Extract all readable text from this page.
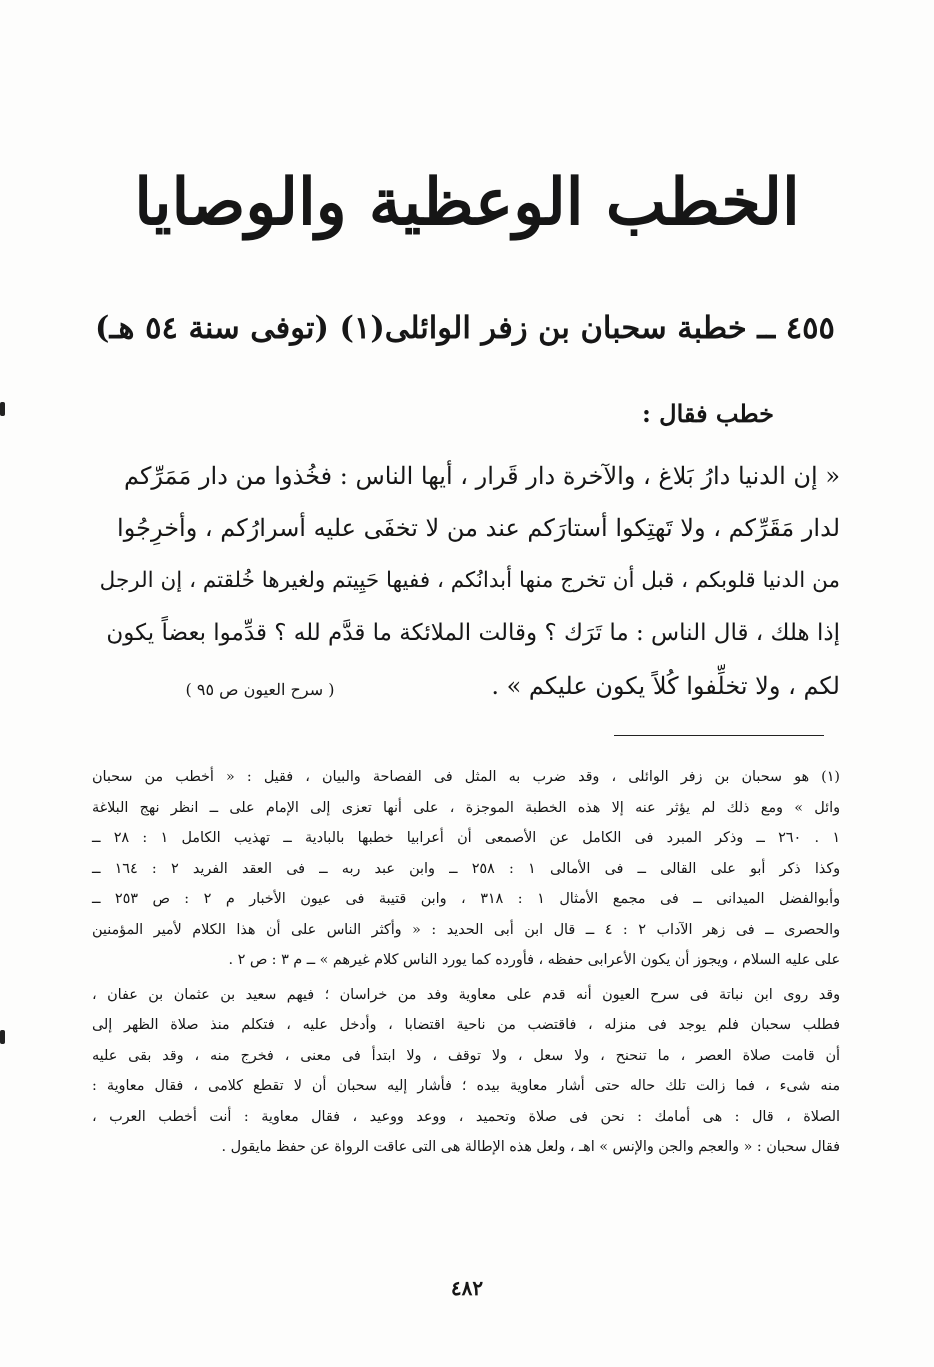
الخطب الوعظية والوصايا
٤٥٥ ــ خطبة سحبان بن زفر الوائلى(١) (توفى سنة ٥٤ هـ)
خطب فقال :
« إن الدنيا دارُ بَلاغ ، والآخرة دار قَرار ، أيها الناس : فخُذوا من دار مَمَرِّكم
لدار مَقَرِّكم ، ولا تَهتِكوا أستارَكم عند من لا تخفَى عليه أسرارُكم ، وأخرِجُوا
من الدنيا قلوبكم ، قبل أن تخرج منها أبدانُكم ، ففيها حَيِيتم ولغيرها خُلقتم ، إن الرجل
إذا هلك ، قال الناس : ما تَرَك ؟ وقالت الملائكة ما قدَّم لله ؟ قدِّموا بعضاً يكون
لكم ، ولا تخلِّفوا كُلاً يكون عليكم » .
( سرح العيون ص ٩٥ )
(١) هو سحبان بن زفر الوائلى ، وقد ضرب به المثل فى الفصاحة والبيان ، فقيل : « أخطب من سحبان
وائل » ومع ذلك لم يؤثر عنه إلا هذه الخطبة الموجزة ، على أنها تعزى إلى الإمام على ــ انظر نهج البلاغة
١ . ٢٦٠ ــ وذكر المبرد فى الكامل عن الأصمعى أن أعرابيا خطبها بالبادية ــ تهذيب الكامل ١ : ٢٨ ــ
وكذا ذكر أبو على القالى ــ فى الأمالى ١ : ٢٥٨ ــ وابن عبد ربه ــ فى العقد الفريد ٢ : ١٦٤ ــ
وأبوالفضل الميدانى ــ فى مجمع الأمثال ١ : ٣١٨ ، وابن قتيبة فى عيون الأخبار م ٢ : ص ٢٥٣ ــ
والحصرى ــ فى زهر الآداب ٢ : ٤ ــ قال ابن أبى الحديد : « وأكثر الناس على أن هذا الكلام لأمير المؤمنين
على عليه السلام ، ويجوز أن يكون الأعرابى حفظه ، فأورده كما يورد الناس كلام غيرهم » ــ م ٣ : ص ٢ .
وقد روى ابن نباتة فى سرح العيون أنه قدم على معاوية وفد من خراسان ؛ فيهم سعيد بن عثمان بن عفان ،
فطلب سحبان فلم يوجد فى منزله ، فاقتضب من ناحية اقتضابا ، وأدخل عليه ، فتكلم منذ صلاة الظهر إلى
أن قامت صلاة العصر ، ما تنحنح ، ولا سعل ، ولا توقف ، ولا ابتدأ فى معنى ، فخرج منه ، وقد بقى عليه
منه شىء ، فما زالت تلك حاله حتى أشار معاوية بيده ؛ فأشار إليه سحبان أن لا تقطع كلامى ، فقال معاوية :
الصلاة ، قال : هى أمامك : نحن فى صلاة وتحميد ، ووعد ووعيد ، فقال معاوية : أنت أخطب العرب ،
فقال سحبان : « والعجم والجن والإنس » اهـ ، ولعل هذه الإطالة هى التى عاقت الرواة عن حفظ مايقول .
٤٨٢
